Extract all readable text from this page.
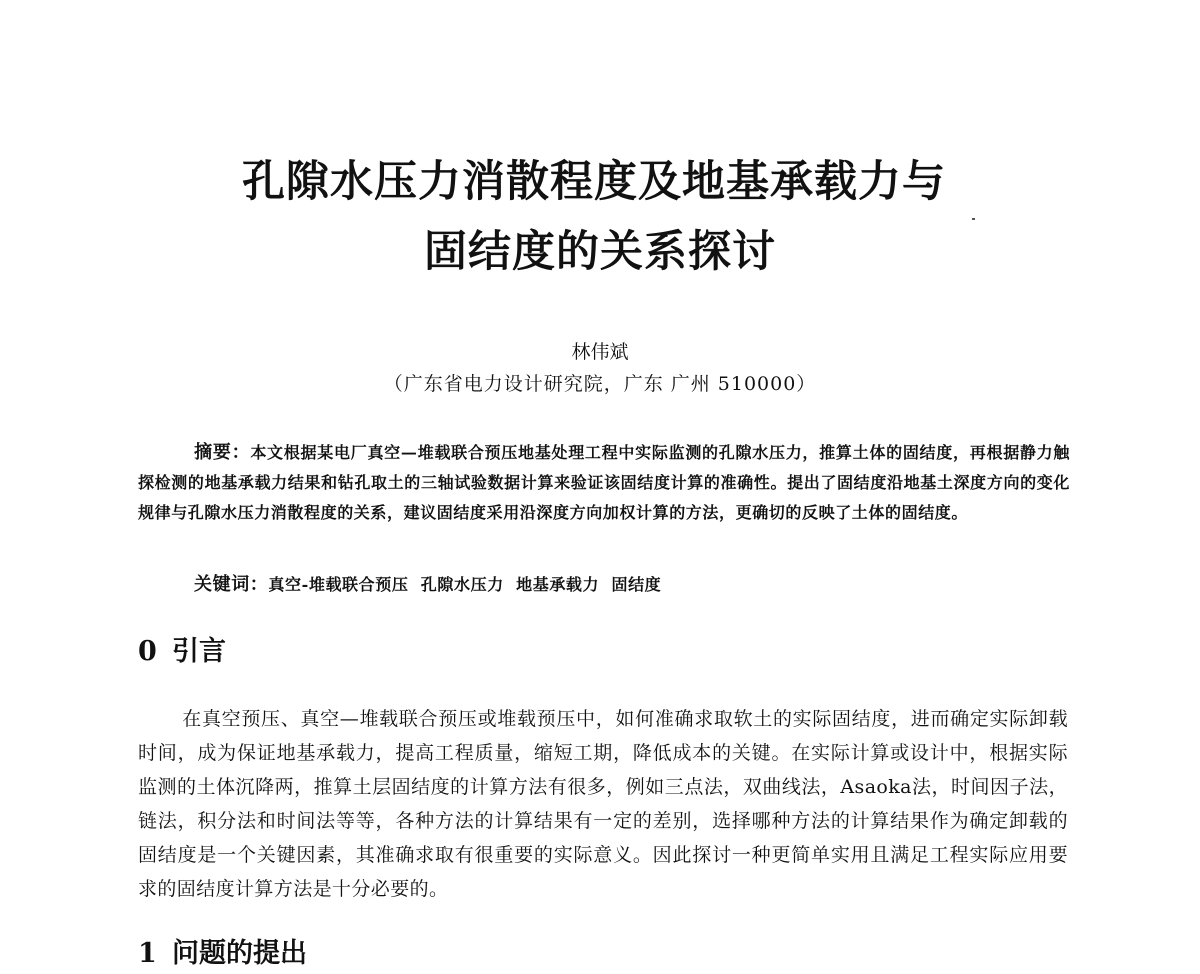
孔隙水压力消散程度及地基承载力与
固结度的关系探讨
林伟斌
（广东省电力设计研究院，广东 广州 510000）
摘要：本文根据某电厂真空—堆载联合预压地基处理工程中实际监测的孔隙水压力，推算土体的固结度，再根据静力触探检测的地基承载力结果和钻孔取土的三轴试验数据计算来验证该固结度计算的准确性。提出了固结度沿地基土深度方向的变化规律与孔隙水压力消散程度的关系，建议固结度采用沿深度方向加权计算的方法，更确切的反映了土体的固结度。
关键词：真空-堆载联合预压  孔隙水压力  地基承载力  固结度
0 引言
在真空预压、真空—堆载联合预压或堆载预压中，如何准确求取软土的实际固结度，进而确定实际卸载时间，成为保证地基承载力，提高工程质量，缩短工期，降低成本的关键。在实际计算或设计中，根据实际监测的土体沉降两，推算土层固结度的计算方法有很多，例如三点法，双曲线法，Asaoka法，时间因子法，链法，积分法和时间法等等，各种方法的计算结果有一定的差别，选择哪种方法的计算结果作为确定卸载的固结度是一个关键因素，其准确求取有很重要的实际意义。因此探讨一种更简单实用且满足工程实际应用要求的固结度计算方法是十分必要的。
1 问题的提出
